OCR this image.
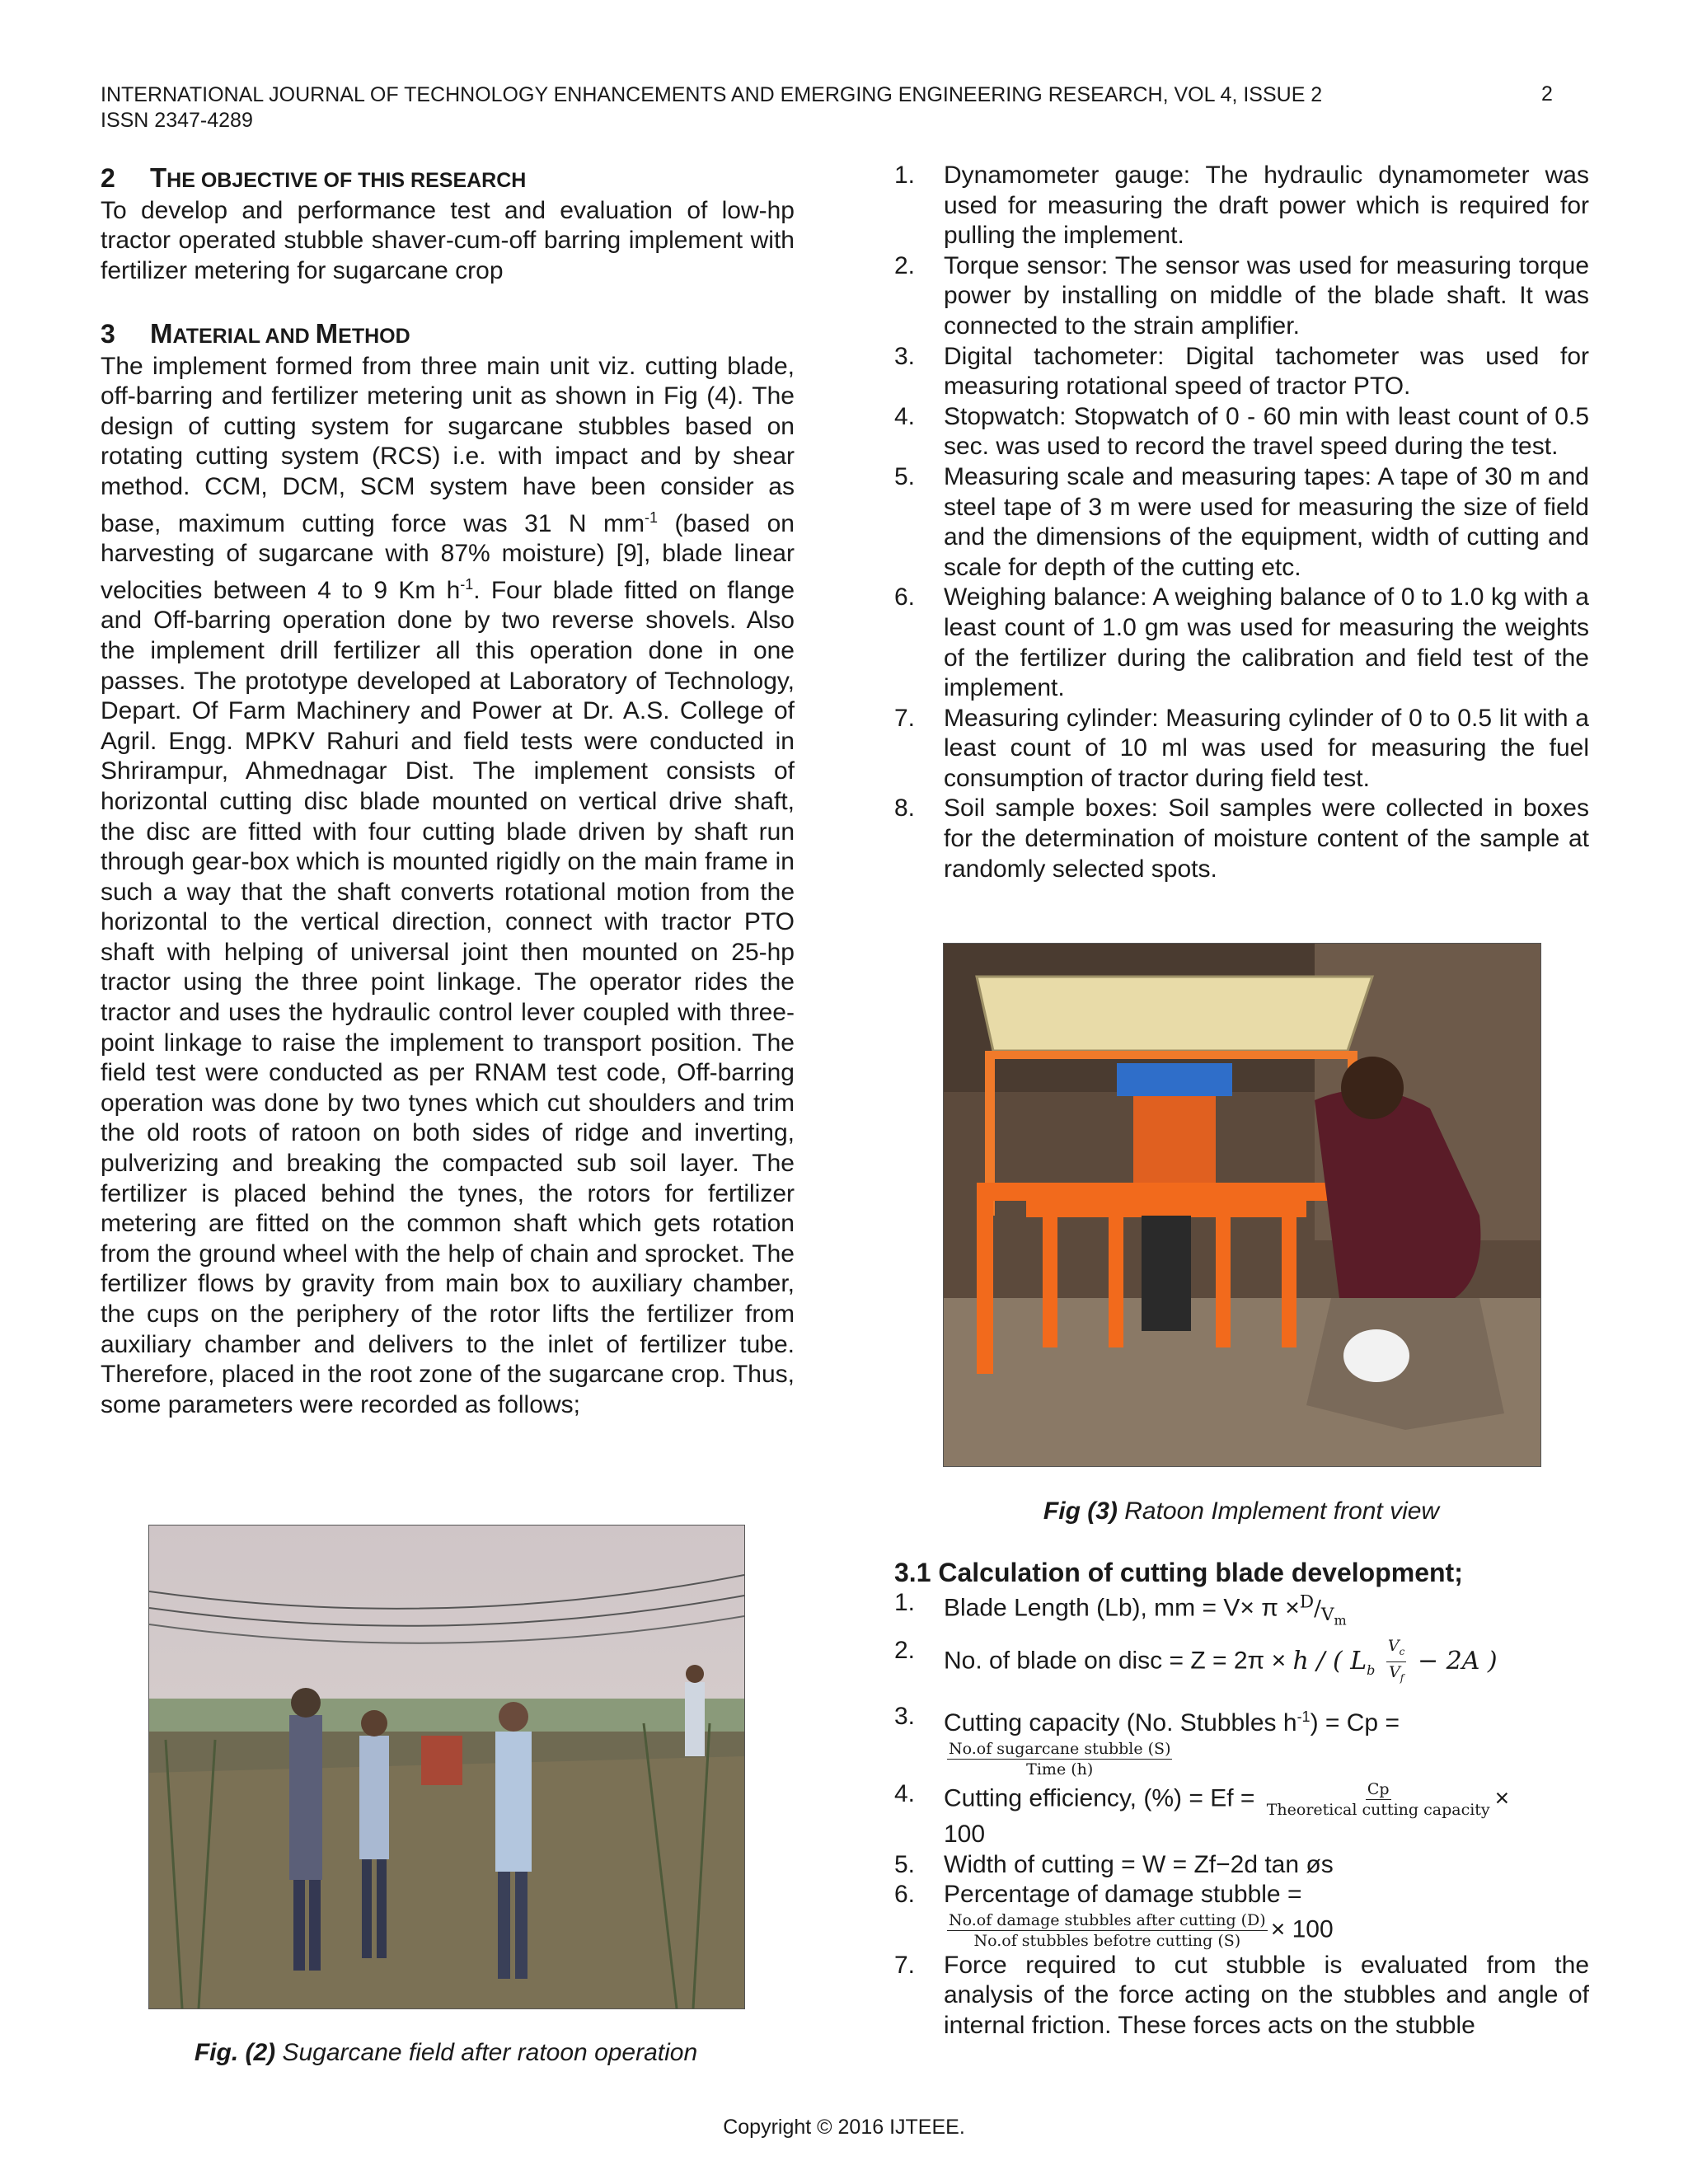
INTERNATIONAL JOURNAL OF TECHNOLOGY ENHANCEMENTS AND EMERGING ENGINEERING RESEARCH, VOL 4, ISSUE 2
ISSN 2347-4289
2
2 THE OBJECTIVE OF THIS RESEARCH

To develop and performance test and evaluation of low-hp tractor operated stubble shaver-cum-off barring implement with fertilizer metering for sugarcane crop

3 MATERIAL AND METHOD

The implement formed from three main unit viz. cutting blade, off-barring and fertilizer metering unit as shown in Fig (4). The design of cutting system for sugarcane stubbles based on rotating cutting system (RCS) i.e. with impact and by shear method. CCM, DCM, SCM system have been consider as base, maximum cutting force was 31 N $mm^{-1}$ (based on harvesting of sugarcane with 87% moisture) [9], blade linear velocities between 4 to 9 Km $h^{-1}$. Four blade fitted on flange and Off-barring operation done by two reverse shovels. Also the implement drill fertilizer all this operation done in one passes. The prototype developed at Laboratory of Technology, Depart. Of Farm Machinery and Power at Dr. A.S. College of Agril. Engg. MPKV Rahuri and field tests were conducted in Shrirampur, Ahmednagar Dist. The implement consists of horizontal cutting disc blade mounted on vertical drive shaft, the disc are fitted with four cutting blade driven by shaft run through gear-box which is mounted rigidly on the main frame in such a way that the shaft converts rotational motion from the horizontal to the vertical direction, connect with tractor PTO shaft with helping of universal joint then mounted on 25-hp tractor using the three point linkage. The operator rides the tractor and uses the hydraulic control lever coupled with three-point linkage to raise the implement to transport position. The field test were conducted as per RNAM test code, Off-barring operation was done by two tynes which cut shoulders and trim the old roots of ratoon on both sides of ridge and inverting, pulverizing and breaking the compacted sub soil layer. The fertilizer is placed behind the tynes, the rotors for fertilizer metering are fitted on the common shaft which gets rotation from the ground wheel with the help of chain and sprocket. The fertilizer flows by gravity from main box to auxiliary chamber, the cups on the periphery of the rotor lifts the fertilizer from auxiliary chamber and delivers to the inlet of fertilizer tube. Therefore, placed in the root zone of the sugarcane crop. Thus, some parameters were recorded as follows;

Fig. (2) Sugarcane field after ratoon operation
1. Dynamometer gauge: The hydraulic dynamometer was used for measuring the draft power which is required for pulling the implement.
2. Torque sensor: The sensor was used for measuring torque power by installing on middle of the blade shaft. It was connected to the strain amplifier.
3. Digital tachometer: Digital tachometer was used for measuring rotational speed of tractor PTO.
4. Stopwatch: Stopwatch of 0 - 60 min with least count of 0.5 sec. was used to record the travel speed during the test.
5. Measuring scale and measuring tapes: A tape of 30 m and steel tape of 3 m were used for measuring the size of field and the dimensions of the equipment, width of cutting and scale for depth of the cutting etc.
6. Weighing balance: A weighing balance of 0 to 1.0 kg with a least count of 1.0 gm was used for measuring the weights of the fertilizer during the calibration and field test of the implement.
7. Measuring cylinder: Measuring cylinder of 0 to 0.5 lit with a least count of 10 ml was used for measuring the fuel consumption of tractor during field test.
8. Soil sample boxes: Soil samples were collected in boxes for the determination of moisture content of the sample at randomly selected spots.
Fig (3) Ratoon Implement front view
3.1 Calculation of cutting blade development;
1. Blade Length (Lb), mm = $V\times \pi \times^D/_{V_m}$
2. No. of blade on disc = Z = 2π × h / ( $L_b \frac{V_c}{V_f} - 2A$ )
3. Cutting capacity (No. Stubbles $h^{-1}) = Cp$ =

$\frac{\text{No.of sugarcane stubble (S)}}{\text{Time (h)}}$
4. Cutting efficiency, (%) = $Ef = \frac{Cp}{\text{Theoretical cutting capacity}}$ ×
100
5. Width of cutting = W = Zf−2d tan øs
6. Percentage of damage stubble =

$\frac{\text{No.of damage stubbles after cutting (D)}}{\text{No.of stubbles befotre cutting (S)}} \times 100$
7. Force required to cut stubble is evaluated from the analysis of the force acting on the stubbles and angle of internal friction. These forces acts on the stubble
Copyright © 2016 IJTEEE.
